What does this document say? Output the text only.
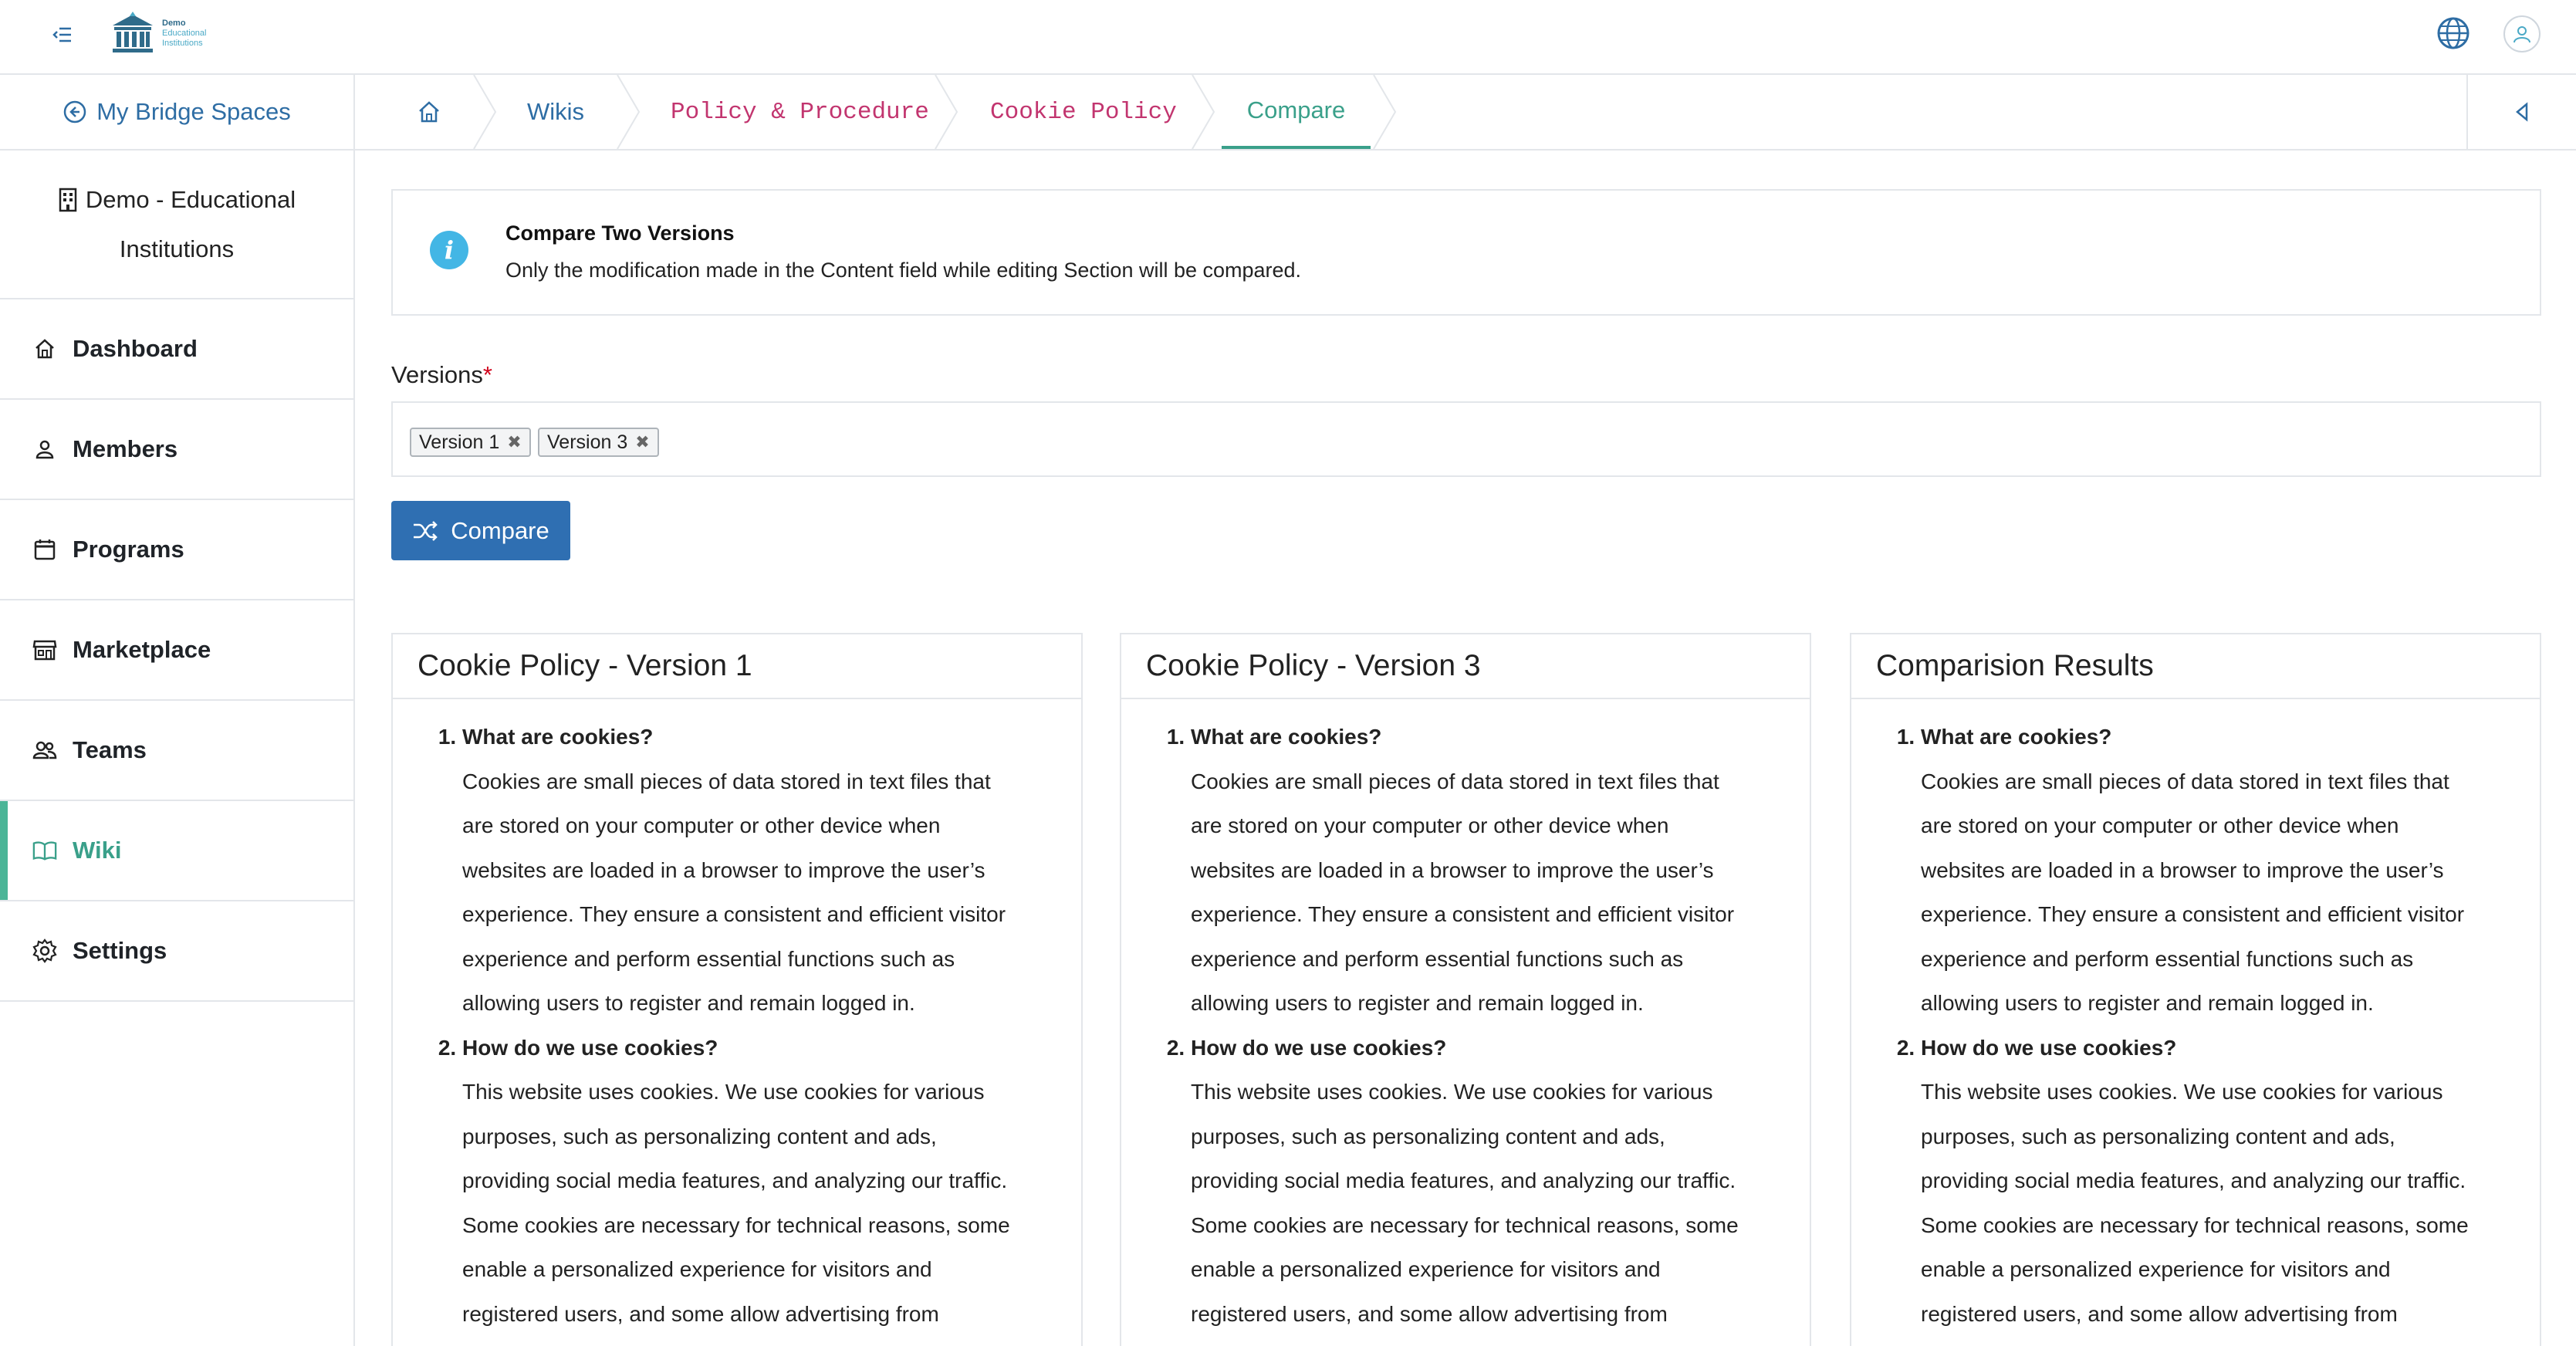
Demo
Educational
Institutions
My Bridge Spaces
Demo - Educational
Institutions
Dashboard
Members
Programs
Marketplace
Teams
Wiki
Settings
Wikis	Policy & Procedure	Cookie Policy	Compare
i
Compare Two Versions
Only the modification made in the Content field while editing Section will be compared.
Versions*
Version 1 ✖ Version 3 ✖
Compare
Cookie Policy - Version 1
1. What are cookies?
Cookies are small pieces of data stored in text files that
are stored on your computer or other device when
websites are loaded in a browser to improve the user’s
experience. They ensure a consistent and efficient visitor
experience and perform essential functions such as
allowing users to register and remain logged in.
2. How do we use cookies?
This website uses cookies. We use cookies for various
purposes, such as personalizing content and ads,
providing social media features, and analyzing our traffic.
Some cookies are necessary for technical reasons, some
enable a personalized experience for visitors and
registered users, and some allow advertising from
Cookie Policy - Version 3
1. What are cookies?
Cookies are small pieces of data stored in text files that
are stored on your computer or other device when
websites are loaded in a browser to improve the user’s
experience. They ensure a consistent and efficient visitor
experience and perform essential functions such as
allowing users to register and remain logged in.
2. How do we use cookies?
This website uses cookies. We use cookies for various
purposes, such as personalizing content and ads,
providing social media features, and analyzing our traffic.
Some cookies are necessary for technical reasons, some
enable a personalized experience for visitors and
registered users, and some allow advertising from
Comparision Results
1. What are cookies?
Cookies are small pieces of data stored in text files that
are stored on your computer or other device when
websites are loaded in a browser to improve the user’s
experience. They ensure a consistent and efficient visitor
experience and perform essential functions such as
allowing users to register and remain logged in.
2. How do we use cookies?
This website uses cookies. We use cookies for various
purposes, such as personalizing content and ads,
providing social media features, and analyzing our traffic.
Some cookies are necessary for technical reasons, some
enable a personalized experience for visitors and
registered users, and some allow advertising from
